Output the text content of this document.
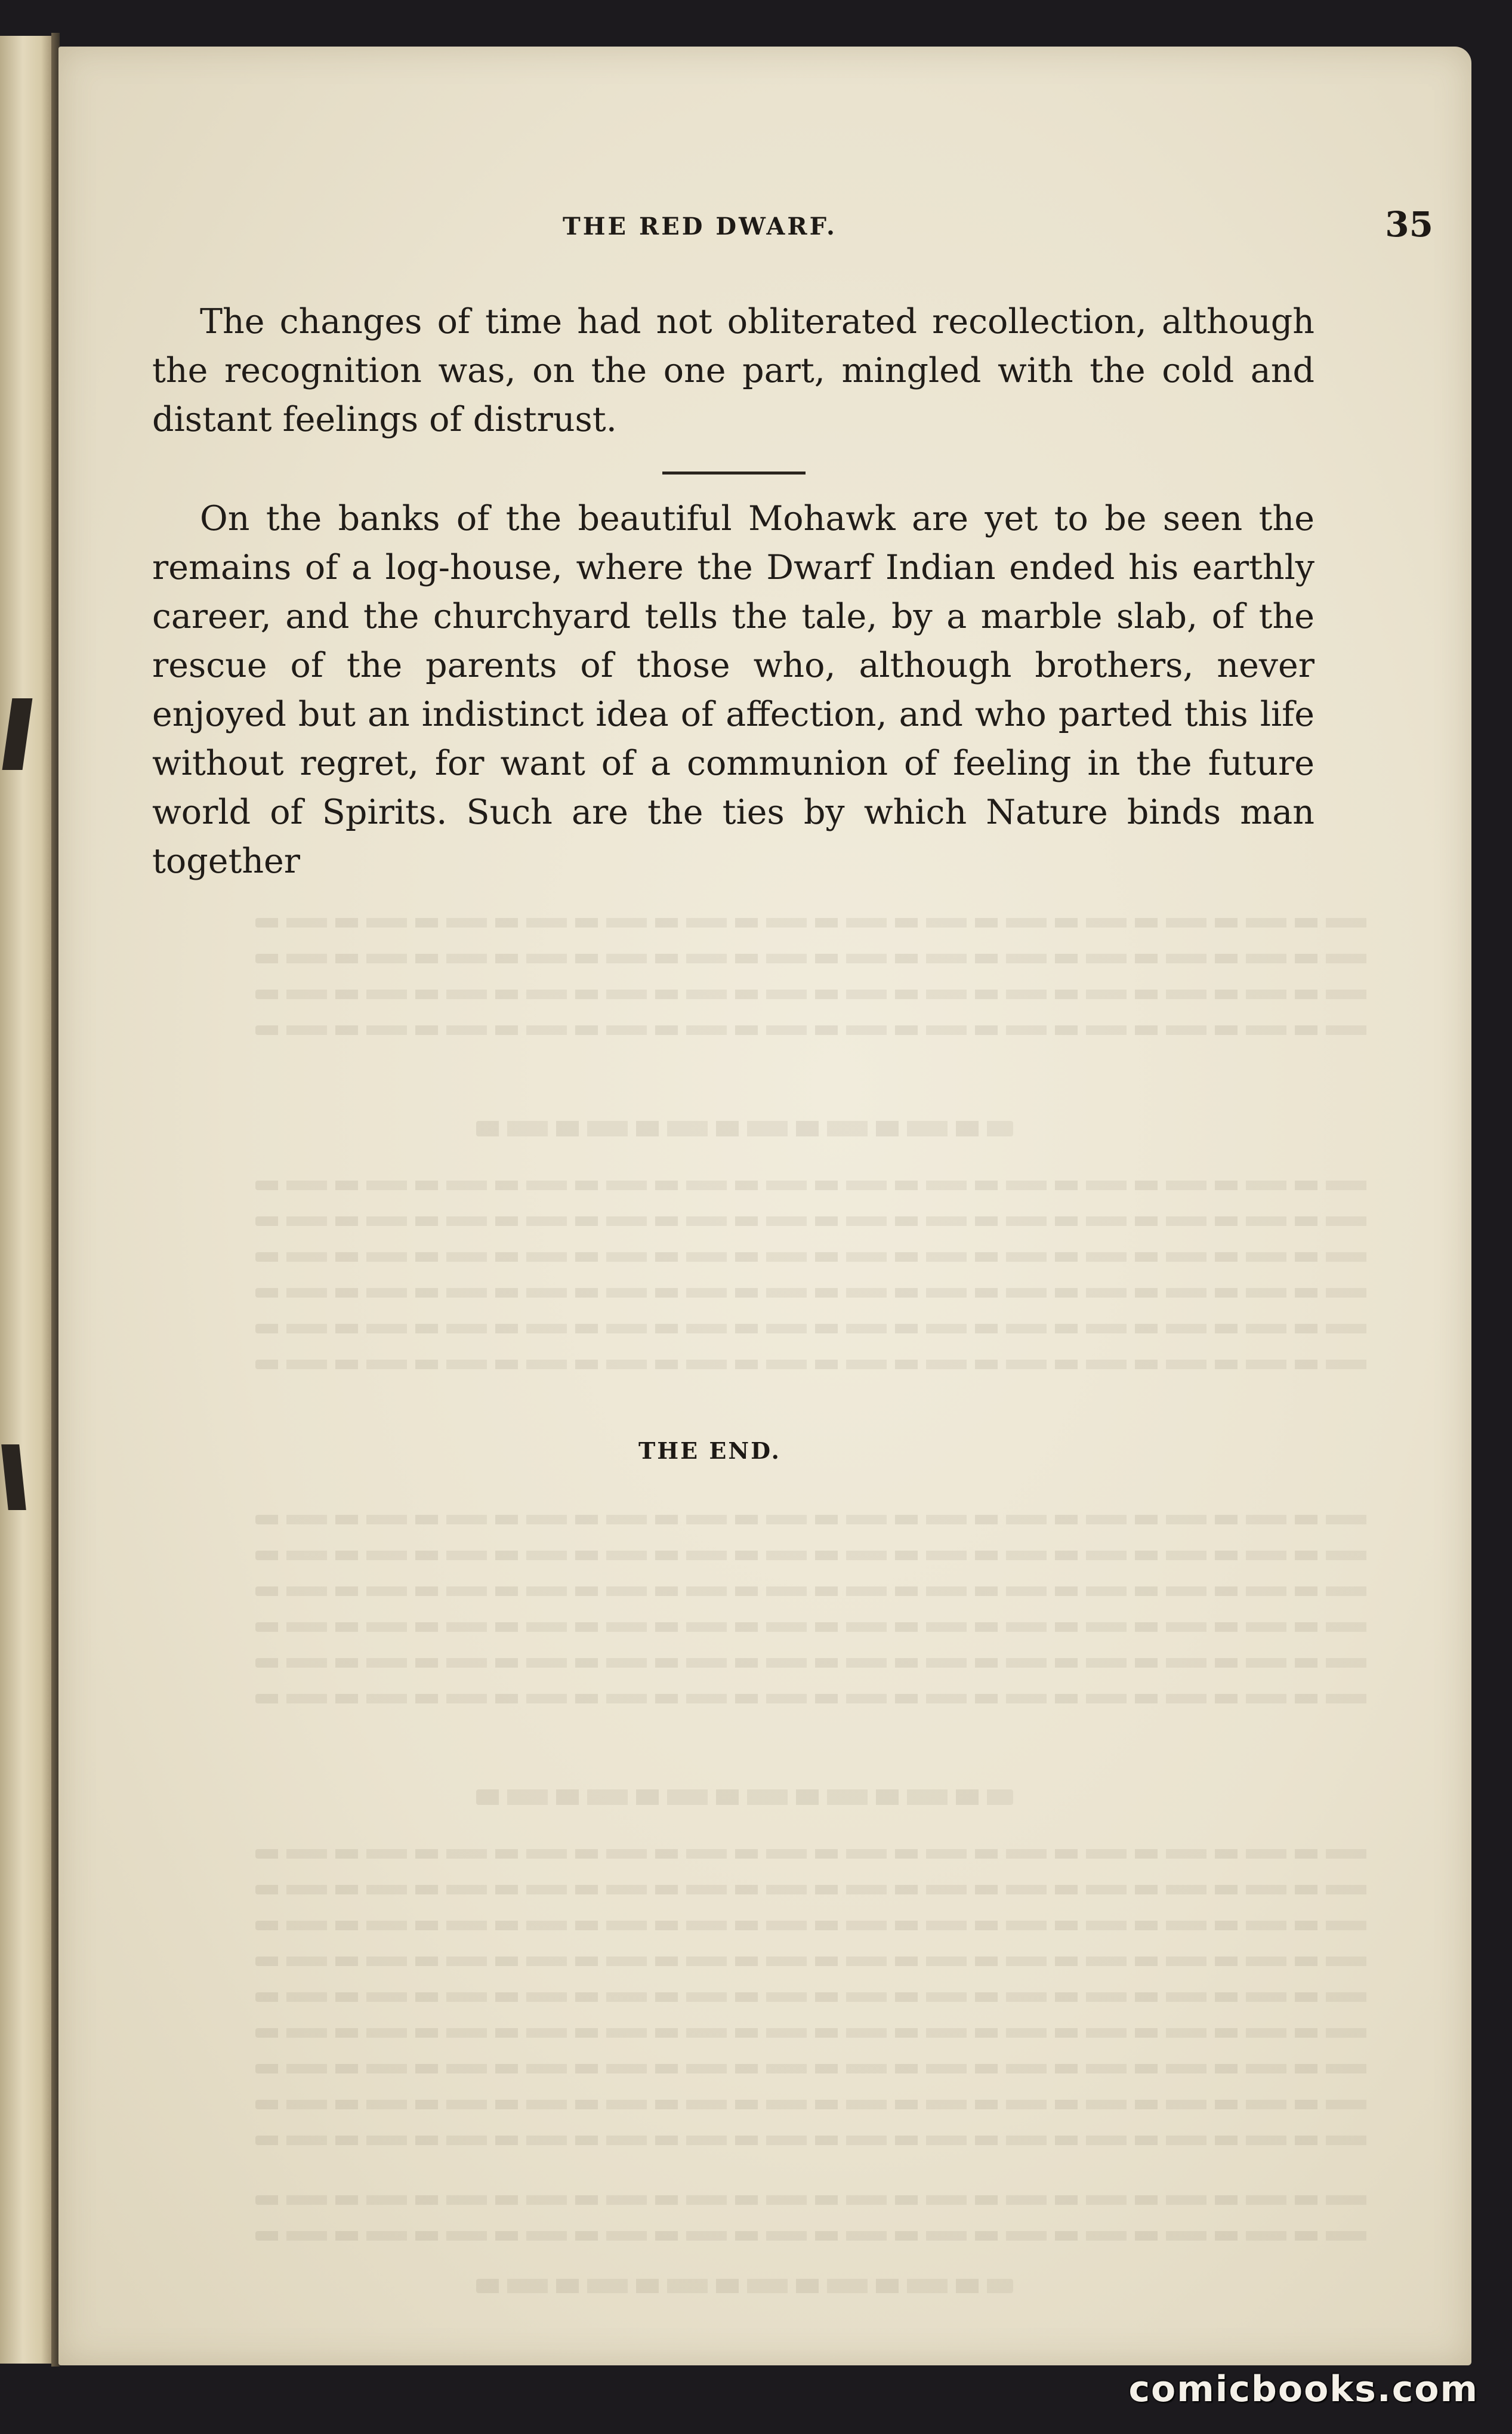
THE RED DWARF.	35

The changes of time had not obliterated recollection, although the recognition was, on the one part, mingled with the cold and distant feelings of distrust.

On the banks of the beautiful Mohawk are yet to be seen the remains of a log-house, where the Dwarf Indian ended his earthly career, and the churchyard tells the tale, by a marble slab, of the rescue of the parents of those who, although brothers, never enjoyed but an indistinct idea of affection, and who parted this life without regret, for want of a communion of feeling in the future world of Spirits. Such are the ties by which Nature binds man together

THE END.
comicbooks.com
